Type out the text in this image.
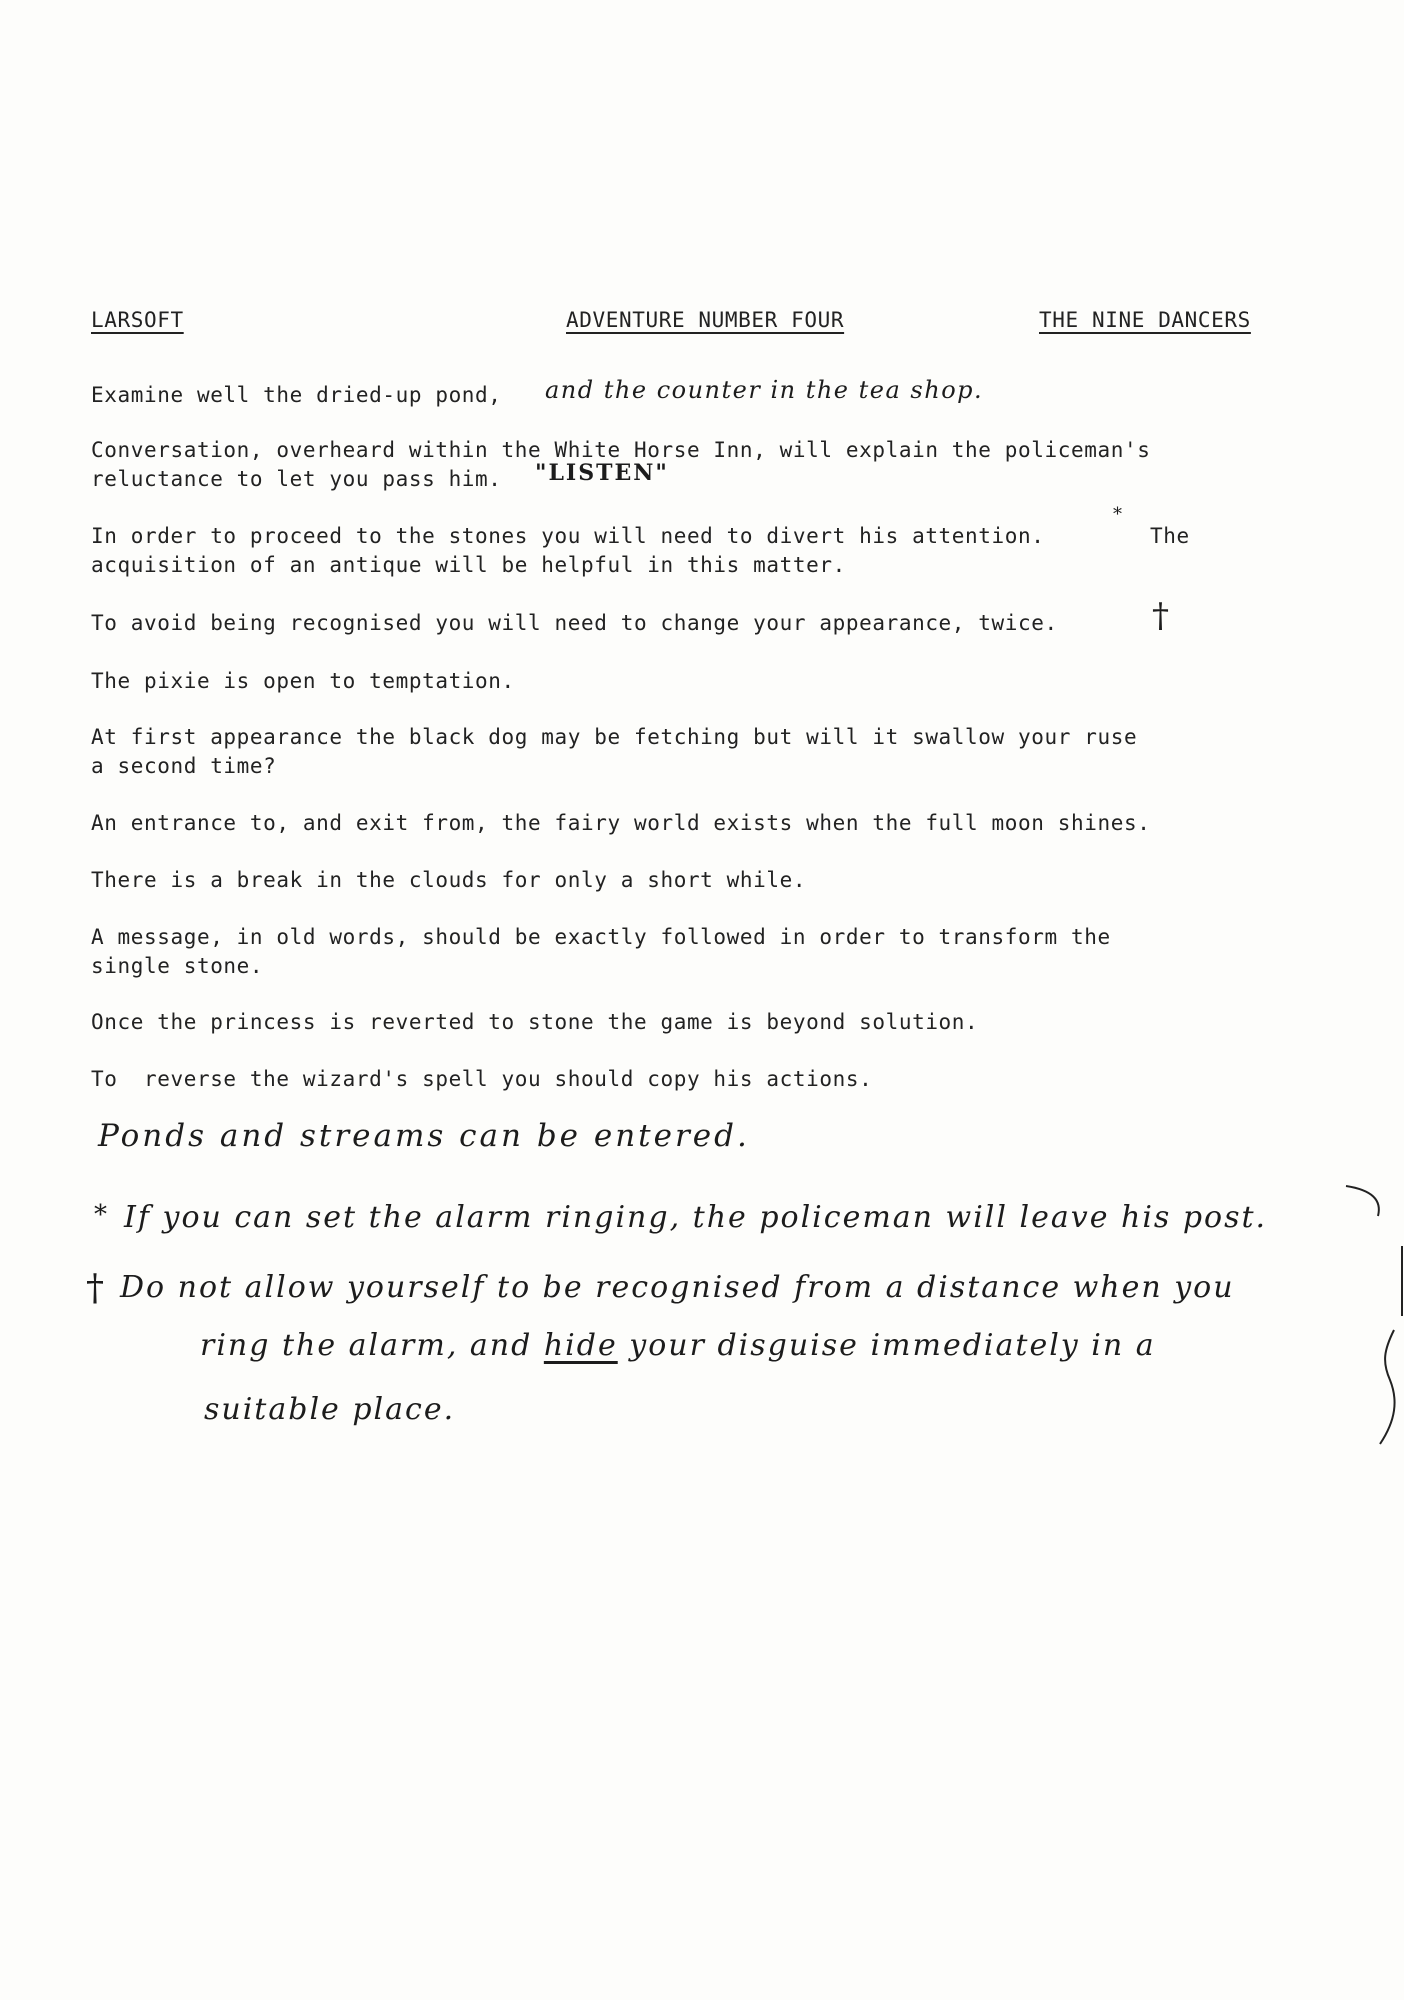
LARSOFT	ADVENTURE NUMBER FOUR	THE NINE DANCERS
Examine well the dried-up pond, and the counter in the tea shop.
Conversation, overheard within the White Horse Inn, will explain the policeman's
reluctance to let you pass him. "LISTEN"
In order to proceed to the stones you will need to divert his attention.
*
The
acquisition of an antique will be helpful in this matter.
To avoid being recognised you will need to change your appearance, twice.	†
The pixie is open to temptation.
At first appearance the black dog may be fetching but will it swallow your ruse
a second time?
An entrance to, and exit from, the fairy world exists when the full moon shines.
There is a break in the clouds for only a short while.
A message, in old words, should be exactly followed in order to transform the
single stone.
Once the princess is reverted to stone the game is beyond solution.
To  reverse the wizard's spell you should copy his actions.
Ponds and streams can be entered.
* If you can set the alarm ringing, the policeman will leave his post.
† Do not allow yourself to be recognised from a distance when you
ring the alarm, and hide your disguise immediately in a
suitable place.
